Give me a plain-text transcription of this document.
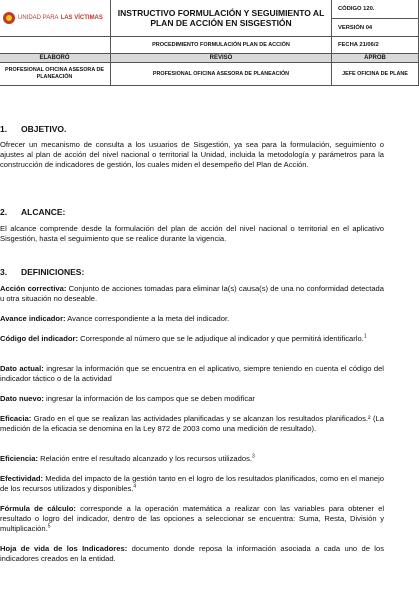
UNIDAD PARA LAS VÍCTIMAS	INSTRUCTIVO FORMULACIÓN Y SEGUIMIENTO AL PLAN DE ACCIÓN EN SISGESTIÓN	CÓDIGO 120.
		VERSIÓN 04
	PROCEDIMIENTO FORMULACIÓN PLAN DE ACCIÓN	FECHA 21/06/2
ELABORÓ	REVISÓ	APROB
PROFESIONAL OFICINA ASESORA DE PLANEACIÓN	PROFESIONAL OFICINA ASESORA DE PLANEACIÓN	JEFE OFICINA DE PLANE
1. OBJETIVO.
Ofrecer un mecanismo de consulta a los usuarios de Sisgestión, ya sea para la formulación, seguimiento o ajustes al plan de acción del nivel nacional o territorial la Unidad, incluida la metodología y parámetros para la construcción de indicadores de gestión, los cuales miden el desempeño del Plan de Acción.
2. ALCANCE:
El alcance comprende desde la formulación del plan de acción del nivel nacional o territorial en el aplicativo Sisgestión, hasta el seguimiento que se realice durante la vigencia.
3. DEFINICIONES:
Acción correctiva: Conjunto de acciones tomadas para eliminar la(s) causa(s) de una no conformidad detectada u otra situación no deseable.
Avance indicador: Avance correspondiente a la meta del indicador.
Código del indicador: Corresponde al número que se le adjudique al indicador y que permitirá identificarlo.$^1$
Dato actual: ingresar la información que se encuentra en el aplicativo, siempre teniendo en cuenta el código del indicador táctico o de la actividad
Dato nuevo: ingresar la información de los campos que se deben modificar
Eficacia: Grado en el que se realizan las actividades planificadas y se alcanzan los resultados planificados.² (La medición de la eficacia se denomina en la Ley 872 de 2003 como una medición de resultado).
Eficiencia: Relación entre el resultado alcanzado y los recursos utilizados.$^3$
Efectividad: Medida del impacto de la gestión tanto en el logro de los resultados planificados, como en el manejo de los recursos utilizados y disponibles.$^4$
Fórmula de cálculo: corresponde a la operación matemática a realizar con las variables para obtener el resultado o logro del indicador, dentro de las opciones a seleccionar se encuentra: Suma, Resta, División y multiplicación.$^5$
Hoja de vida de los Indicadores: documento donde reposa la información asociada a cada uno de los indicadores creados en la entidad.
